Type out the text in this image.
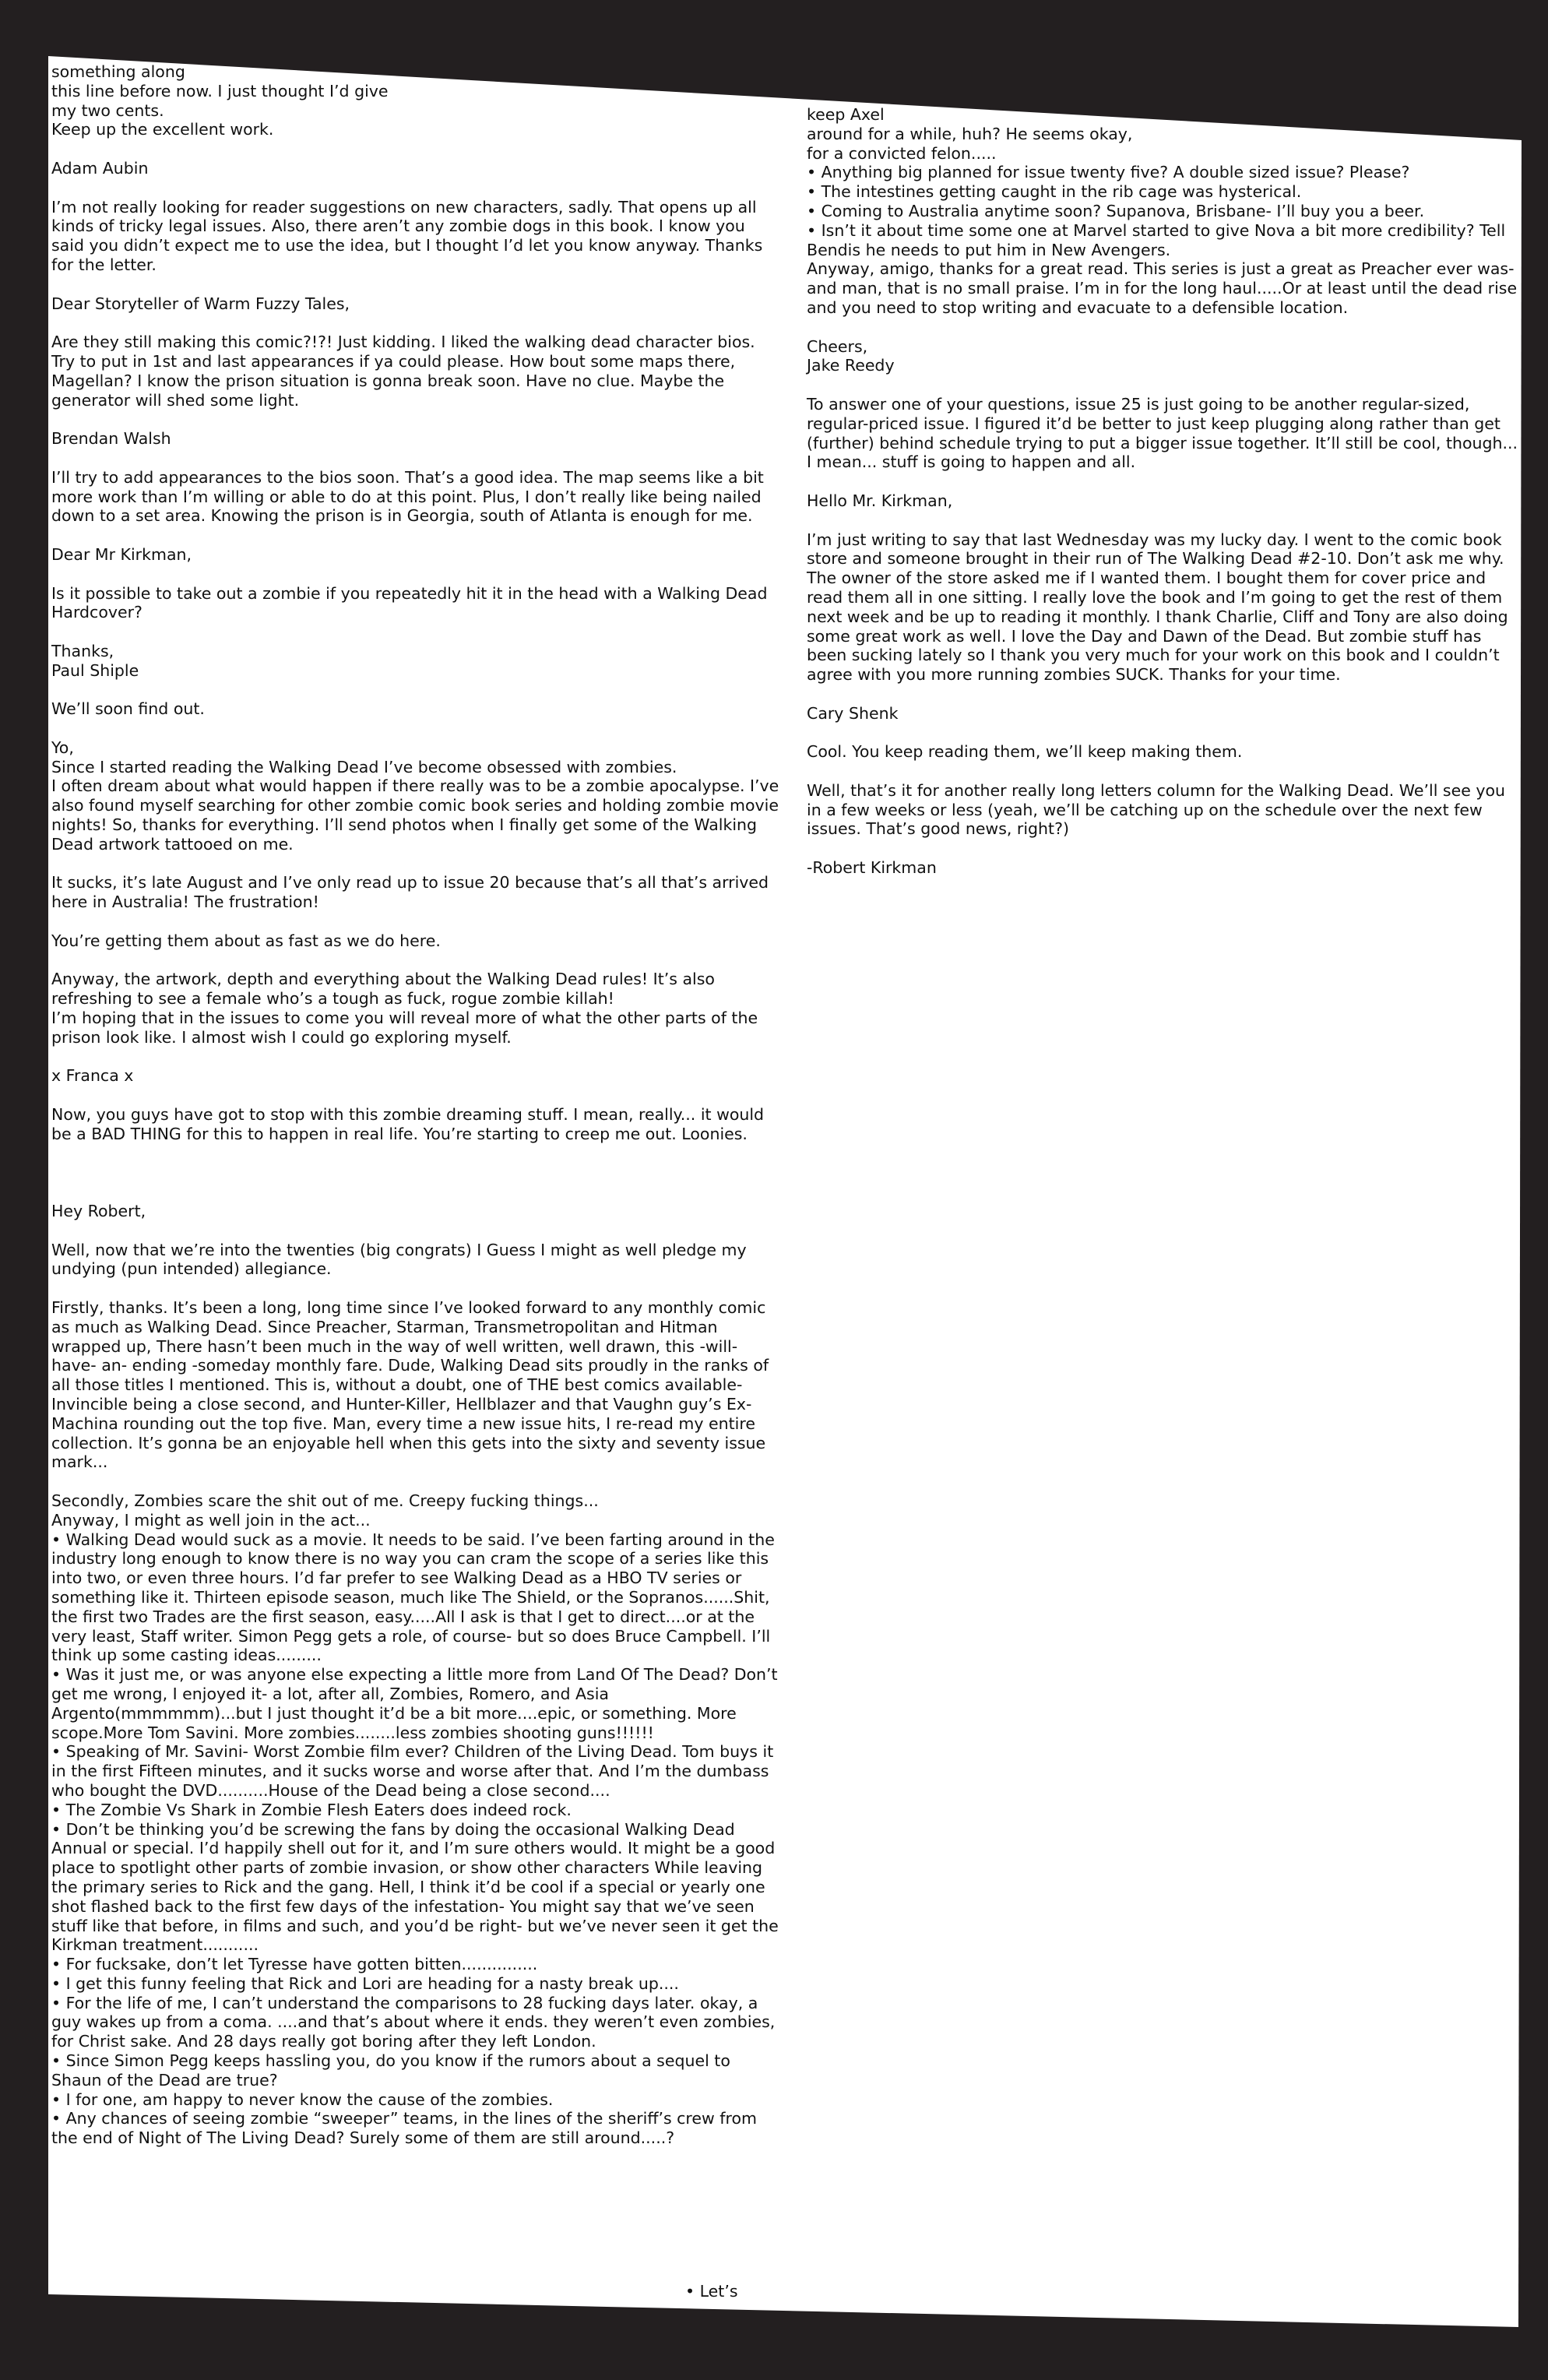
something along
this line before now. I just thought I’d give
my two cents.
Keep up the excellent work.

Adam Aubin

I’m not really looking for reader suggestions on new characters, sadly. That opens up all kinds of tricky legal issues. Also, there aren’t any zombie dogs in this book. I know you said you didn’t expect me to use the idea, but I thought I’d let you know anyway. Thanks for the letter.

Dear Storyteller of Warm Fuzzy Tales,

Are they still making this comic?!?! Just kidding. I liked the walking dead character bios. Try to put in 1st and last appearances if ya could please. How bout some maps there, Magellan? I know the prison situation is gonna break soon. Have no clue. Maybe the generator will shed some light.

Brendan Walsh

I’ll try to add appearances to the bios soon. That’s a good idea. The map seems like a bit more work than I’m willing or able to do at this point. Plus, I don’t really like being nailed down to a set area. Knowing the prison is in Georgia, south of Atlanta is enough for me.

Dear Mr Kirkman,

Is it possible to take out a zombie if you repeatedly hit it in the head with a Walking Dead Hardcover?

Thanks,
Paul Shiple

We’ll soon find out.

Yo,
Since I started reading the Walking Dead I’ve become obsessed with zombies.
I often dream about what would happen if there really was to be a zombie apocalypse. I’ve also found myself searching for other zombie comic book series and holding zombie movie nights! So, thanks for everything. I’ll send photos when I finally get some of the Walking Dead artwork tattooed on me.

It sucks, it’s late August and I’ve only read up to issue 20 because that’s all that’s arrived here in Australia! The frustration!

You’re getting them about as fast as we do here.

Anyway, the artwork, depth and everything about the Walking Dead rules! It’s also refreshing to see a female who’s a tough as fuck, rogue zombie killah!
I’m hoping that in the issues to come you will reveal more of what the other parts of the prison look like. I almost wish I could go exploring myself.

x Franca x

Now, you guys have got to stop with this zombie dreaming stuff. I mean, really... it would be a BAD THING for this to happen in real life. You’re starting to creep me out. Loonies.

Hey Robert,

Well, now that we’re into the twenties (big congrats) I Guess I might as well pledge my undying (pun intended) allegiance.

Firstly, thanks. It’s been a long, long time since I’ve looked forward to any monthly comic as much as Walking Dead. Since Preacher, Starman, Transmetropolitan and Hitman wrapped up, There hasn’t been much in the way of well written, well drawn, this -will- have- an- ending -someday monthly fare. Dude, Walking Dead sits proudly in the ranks of all those titles I mentioned. This is, without a doubt, one of THE best comics available- Invincible being a close second, and Hunter-Killer, Hellblazer and that Vaughn guy’s Ex-Machina rounding out the top five. Man, every time a new issue hits, I re-read my entire collection. It’s gonna be an enjoyable hell when this gets into the sixty and seventy issue mark...

Secondly, Zombies scare the shit out of me. Creepy fucking things...
Anyway, I might as well join in the act...

• Walking Dead would suck as a movie. It needs to be said. I’ve been farting around in the industry long enough to know there is no way you can cram the scope of a series like this into two, or even three hours. I’d far prefer to see Walking Dead as a HBO TV series or something like it. Thirteen episode season, much like The Shield, or the Sopranos......Shit, the first two Trades are the first season, easy.....All I ask is that I get to direct....or at the very least, Staff writer. Simon Pegg gets a role, of course- but so does Bruce Campbell. I’ll think up some casting ideas.........

• Was it just me, or was anyone else expecting a little more from Land Of The Dead? Don’t get me wrong, I enjoyed it- a lot, after all, Zombies, Romero, and Asia Argento(mmmmmm)...but I just thought it’d be a bit more....epic, or something. More scope.More Tom Savini. More zombies........less zombies shooting guns!!!!!!

• Speaking of Mr. Savini- Worst Zombie film ever? Children of the Living Dead. Tom buys it in the first Fifteen minutes, and it sucks worse and worse after that. And I’m the dumbass who bought the DVD..........House of the Dead being a close second....

• The Zombie Vs Shark in Zombie Flesh Eaters does indeed rock.

• Don’t be thinking you’d be screwing the fans by doing the occasional Walking Dead Annual or special. I’d happily shell out for it, and I’m sure others would. It might be a good place to spotlight other parts of zombie invasion, or show other characters While leaving the primary series to Rick and the gang. Hell, I think it’d be cool if a special or yearly one shot flashed back to the first few days of the infestation- You might say that we’ve seen stuff like that before, in films and such, and you’d be right- but we’ve never seen it get the Kirkman treatment...........

• For fucksake, don’t let Tyresse have gotten bitten...............

• I get this funny feeling that Rick and Lori are heading for a nasty break up....

• For the life of me, I can’t understand the comparisons to 28 fucking days later. okay, a guy wakes up from a coma. ....and that’s about where it ends. they weren’t even zombies, for Christ sake. And 28 days really got boring after they left London.

• Since Simon Pegg keeps hassling you, do you know if the rumors about a sequel to Shaun of the Dead are true?

• I for one, am happy to never know the cause of the zombies.

• Any chances of seeing zombie “sweeper” teams, in the lines of the sheriff’s crew from the end of Night of The Living Dead? Surely some of them are still around.....?

• Let’s

keep Axel
around for a while, huh? He seems okay,
for a convicted felon.....

• Anything big planned for issue twenty five? A double sized issue? Please?

• The intestines getting caught in the rib cage was hysterical.

• Coming to Australia anytime soon? Supanova, Brisbane- I’ll buy you a beer.

• Isn’t it about time some one at Marvel started to give Nova a bit more credibility? Tell Bendis he needs to put him in New Avengers.

Anyway, amigo, thanks for a great read. This series is just a great as Preacher ever was- and man, that is no small praise. I’m in for the long haul.....Or at least until the dead rise and you need to stop writing and evacuate to a defensible location.

Cheers,
Jake Reedy

To answer one of your questions, issue 25 is just going to be another regular-sized, regular-priced issue. I figured it’d be better to just keep plugging along rather than get (further) behind schedule trying to put a bigger issue together. It’ll still be cool, though... I mean... stuff is going to happen and all.

Hello Mr. Kirkman,

I’m just writing to say that last Wednesday was my lucky day. I went to the comic book store and someone brought in their run of The Walking Dead #2-10. Don’t ask me why. The owner of the store asked me if I wanted them. I bought them for cover price and read them all in one sitting. I really love the book and I’m going to get the rest of them next week and be up to reading it monthly. I thank Charlie, Cliff and Tony are also doing some great work as well. I love the Day and Dawn of the Dead. But zombie stuff has been sucking lately so I thank you very much for your work on this book and I couldn’t agree with you more running zombies SUCK. Thanks for your time.

Cary Shenk

Cool. You keep reading them, we’ll keep making them.

Well, that’s it for another really long letters column for the Walking Dead. We’ll see you in a few weeks or less (yeah, we’ll be catching up on the schedule over the next few issues. That’s good news, right?)

-Robert Kirkman
